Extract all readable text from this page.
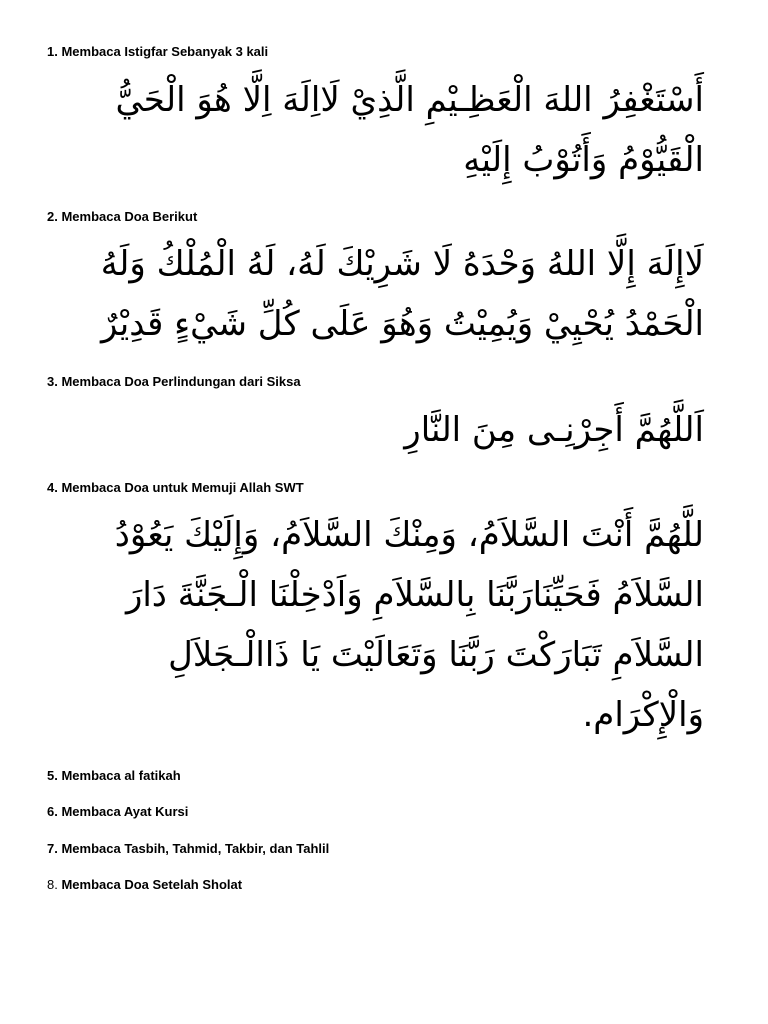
1. Membaca Istigfar Sebanyak 3 kali
أَسْتَغْفِرُ اللهَ الْعَظِـيْمِ الَّذِيْ لَااِلَهَ اِلَّا هُوَ الْحَيُّ
الْقَيُّوْمُ وَأَتُوْبُ إِلَيْهِ
2. Membaca Doa Berikut
لَاإِلَهَ إِلَّا اللهُ وَحْدَهُ لَا شَرِيْكَ لَهُ، لَهُ الْمُلْكُ وَلَهُ
الْحَمْدُ يُحْيِيْ وَيُمِيْتُ وَهُوَ عَلَى كُلِّ شَيْءٍ قَدِيْرٌ
3. Membaca Doa Perlindungan dari Siksa
اَللَّهُمَّ أَجِرْنِـى مِنَ النَّارِ
4. Membaca Doa untuk Memuji Allah SWT
للَّهُمَّ أَنْتَ السَّلاَمُ، وَمِنْكَ السَّلاَمُ، وَإِلَيْكَ يَعُوْدُ
السَّلاَمُ فَحَيِّنَارَبَّنَا بِالسَّلاَمِ وَاَدْخِلْنَا الْـجَنَّةَ دَارَ
السَّلاَمِ تَبَارَكْتَ رَبَّنَا وَتَعَالَيْتَ يَا ذَاالْـجَلاَلِ
وَالْإِكْرَام.
5. Membaca al fatikah
6. Membaca Ayat Kursi
7. Membaca Tasbih, Tahmid, Takbir, dan Tahlil
8. Membaca Doa Setelah Sholat
